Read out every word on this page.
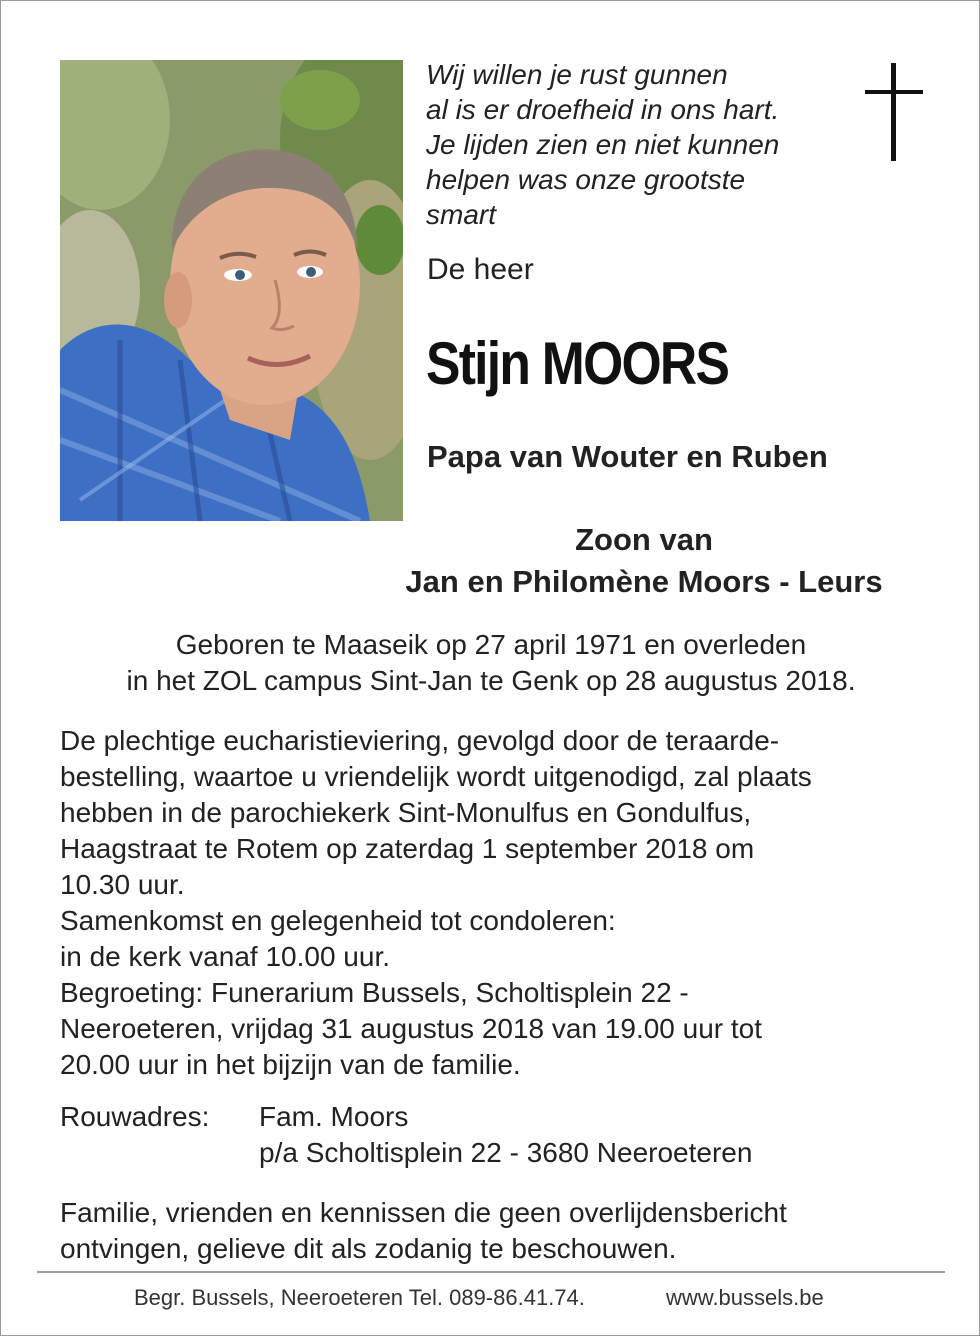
Wij willen je rust gunnen
al is er droefheid in ons hart.
Je lijden zien en niet kunnen
helpen was onze grootste
smart
De heer
Stijn MOORS
Papa van Wouter en Ruben
Zoon van
Jan en Philomène Moors - Leurs
Geboren te Maaseik op 27 april 1971 en overleden
in het ZOL campus Sint-Jan te Genk op 28 augustus 2018.
De plechtige eucharistieviering, gevolgd door de teraarde-
bestelling, waartoe u vriendelijk wordt uitgenodigd, zal plaats
hebben in de parochiekerk Sint-Monulfus en Gondulfus,
Haagstraat te Rotem op zaterdag 1 september 2018 om
10.30 uur.
Samenkomst en gelegenheid tot condoleren:
in de kerk vanaf 10.00 uur.
Begroeting: Funerarium Bussels, Scholtisplein 22 -
Neeroeteren, vrijdag 31 augustus 2018 van 19.00 uur tot
20.00 uur in het bijzijn van de familie.
Rouwadres: Fam. Moors
p/a Scholtisplein 22 - 3680 Neeroeteren
Familie, vrienden en kennissen die geen overlijdensbericht
ontvingen, gelieve dit als zodanig te beschouwen.
Begr. Bussels, Neeroeteren Tel. 089-86.41.74.	www.bussels.be
